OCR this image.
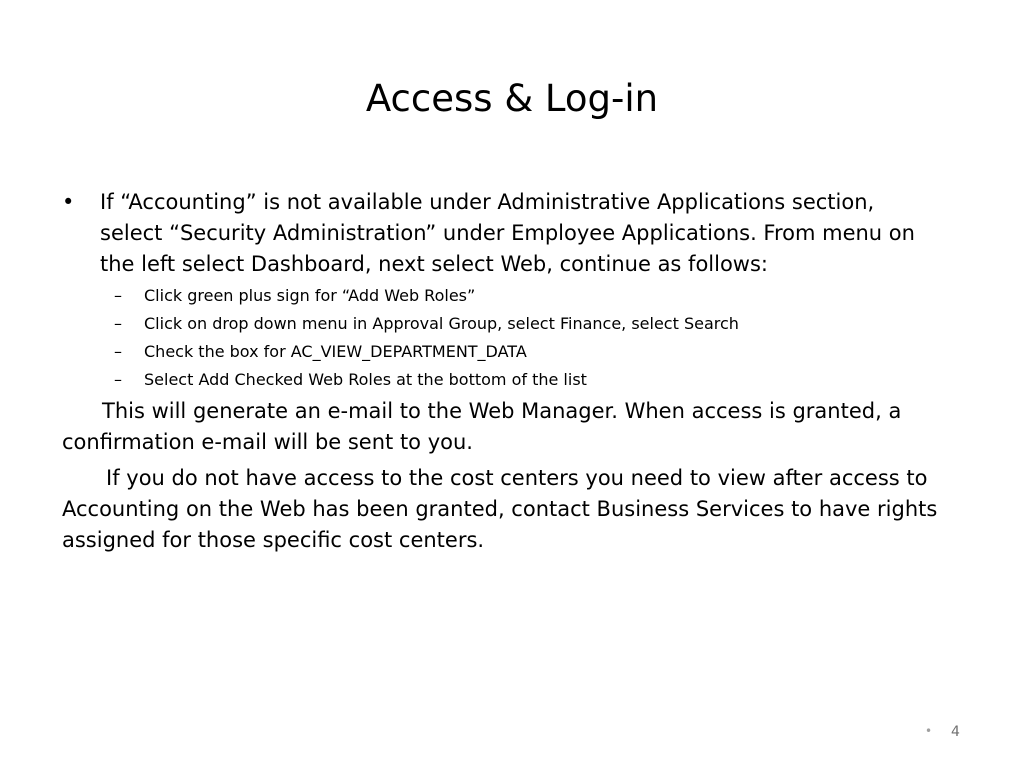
Access & Log-in
•	If “Accounting” is not available under Administrative Applications section, select “Security Administration” under Employee Applications. From menu on the left select Dashboard, next select Web, continue as follows:
– Click green plus sign for “Add Web Roles”
– Click on drop down menu in Approval Group, select Finance, select Search
– Check the box for AC_VIEW_DEPARTMENT_DATA
– Select Add Checked Web Roles at the bottom of the list

This will generate an e-mail to the Web Manager. When access is granted, a confirmation e-mail will be sent to you.

If you do not have access to the cost centers you need to view after access to Accounting on the Web has been granted, contact Business Services to have rights assigned for those specific cost centers.

• 4
